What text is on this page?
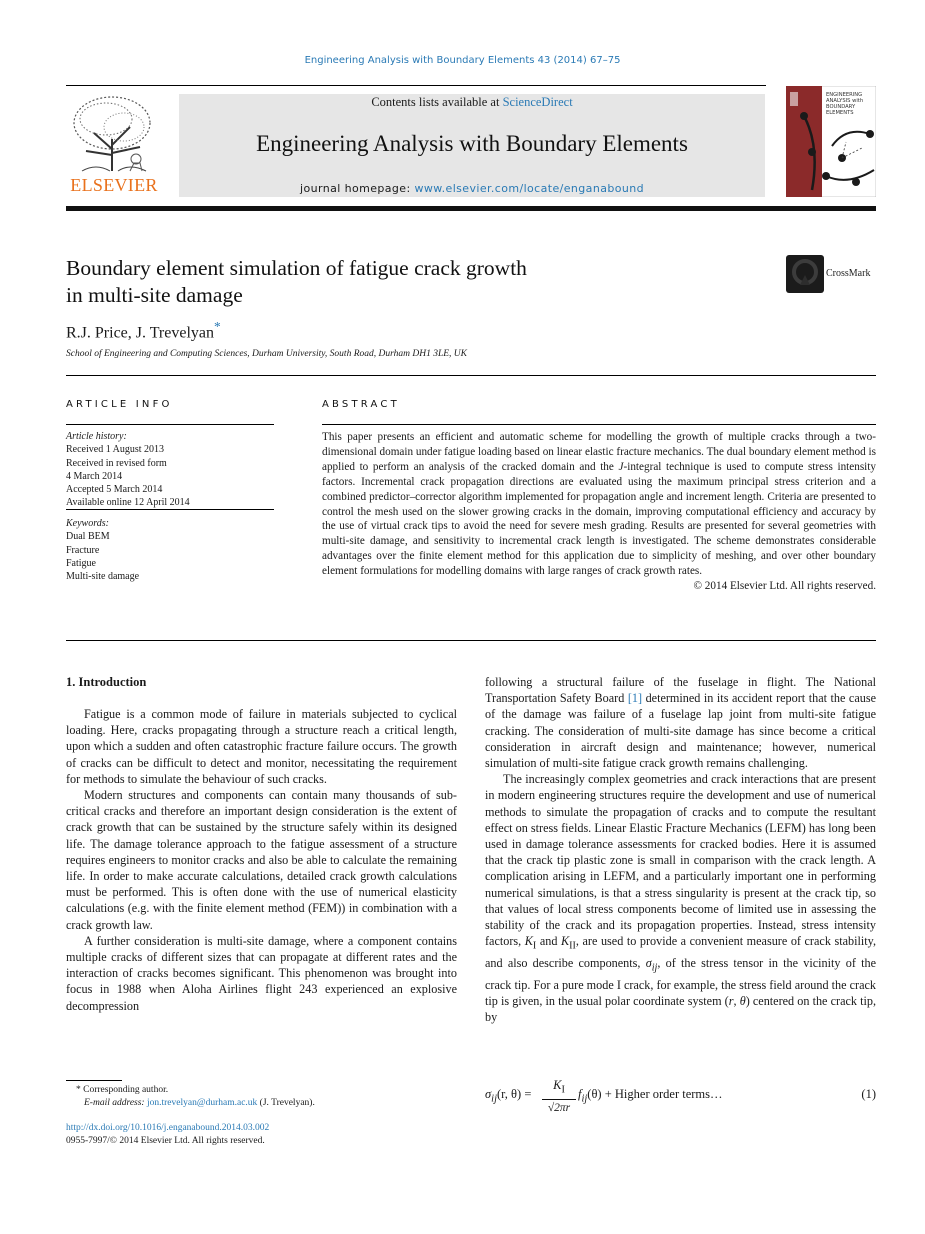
Engineering Analysis with Boundary Elements 43 (2014) 67–75
ELSEVIER
Contents lists available at ScienceDirect
Engineering Analysis with Boundary Elements
journal homepage: www.elsevier.com/locate/enganabound
ENGINEERING ANALYSIS with BOUNDARY ELEMENTS
Boundary element simulation of fatigue crack growth
in multi-site damage
CrossMark
R.J. Price, J. Trevelyan*
School of Engineering and Computing Sciences, Durham University, South Road, Durham DH1 3LE, UK
ARTICLE INFO
Article history:
Received 1 August 2013
Received in revised form
4 March 2014
Accepted 5 March 2014
Available online 12 April 2014
Keywords:
Dual BEM
Fracture
Fatigue
Multi-site damage
ABSTRACT

This paper presents an efficient and automatic scheme for modelling the growth of multiple cracks through a two-dimensional domain under fatigue loading based on linear elastic fracture mechanics. The dual boundary element method is applied to perform an analysis of the cracked domain and the J-integral technique is used to compute stress intensity factors. Incremental crack propagation directions are evaluated using the maximum principal stress criterion and a combined predictor–corrector algorithm implemented for propagation angle and increment length. Criteria are presented to control the mesh used on the slower growing cracks in the domain, improving computational efficiency and accuracy by the use of virtual crack tips to avoid the need for severe mesh grading. Results are presented for several geometries with multi-site damage, and sensitivity to incremental crack length is investigated. The scheme demonstrates considerable advantages over the finite element method for this application due to simplicity of meshing, and over other boundary element formulations for modelling domains with large ranges of crack growth rates.

© 2014 Elsevier Ltd. All rights reserved.

1. Introduction

Fatigue is a common mode of failure in materials subjected to cyclical loading. Here, cracks propagating through a structure reach a critical length, upon which a sudden and often catastrophic fracture failure occurs. The growth of cracks can be difficult to detect and monitor, necessitating the requirement for methods to simulate the behaviour of such cracks.

Modern structures and components can contain many thousands of sub-critical cracks and therefore an important design consideration is the extent of crack growth that can be sustained by the structure safely within its designed life. The damage tolerance approach to the fatigue assessment of a structure requires engineers to monitor cracks and also be able to calculate the remaining life. In order to make accurate calculations, detailed crack growth calculations must be performed. This is often done with the use of numerical elasticity calculations (e.g. with the finite element method (FEM)) in combination with a crack growth law.

A further consideration is multi-site damage, where a component contains multiple cracks of different sizes that can propagate at different rates and the interaction of cracks becomes significant. This phenomenon was brought into focus in 1988 when Aloha Airlines flight 243 experienced an explosive decompression

following a structural failure of the fuselage in flight. The National Transportation Safety Board [1] determined in its accident report that the cause of the damage was failure of a fuselage lap joint from multi-site fatigue cracking. The consideration of multi-site damage has since become a critical consideration in aircraft design and maintenance; however, numerical simulation of multi-site fatigue crack growth remains challenging.

The increasingly complex geometries and crack interactions that are present in modern engineering structures require the development and use of numerical methods to simulate the propagation of cracks and to compute the resultant effect on stress fields. Linear Elastic Fracture Mechanics (LEFM) has long been used in damage tolerance assessments for cracked bodies. Here it is assumed that the crack tip plastic zone is small in comparison with the crack length. A complication arising in LEFM, and a particularly important one in performing numerical simulations, is that a stress singularity is present at the crack tip, so that values of local stress components become of limited use in assessing the stability of the crack and its propagation properties. Instead, stress intensity factors, $K_I$ and $K_{II}$, are used to provide a convenient measure of crack stability, and also describe components, $\sigma_{ij}$, of the stress tensor in the vicinity of the crack tip. For a pure mode I crack, for example, the stress field around the crack tip is given, in the usual polar coordinate system (r, θ) centered on the crack tip, by

$\sigma_{ij}(r$, θ) =
$K_I$
√2πr
$f_{ij}(\theta)$ + Higher order terms…	(1)
* Corresponding author.
E-mail address: jon.trevelyan@durham.ac.uk (J. Trevelyan).
http://dx.doi.org/10.1016/j.enganabound.2014.03.002
0955-7997/© 2014 Elsevier Ltd. All rights reserved.
